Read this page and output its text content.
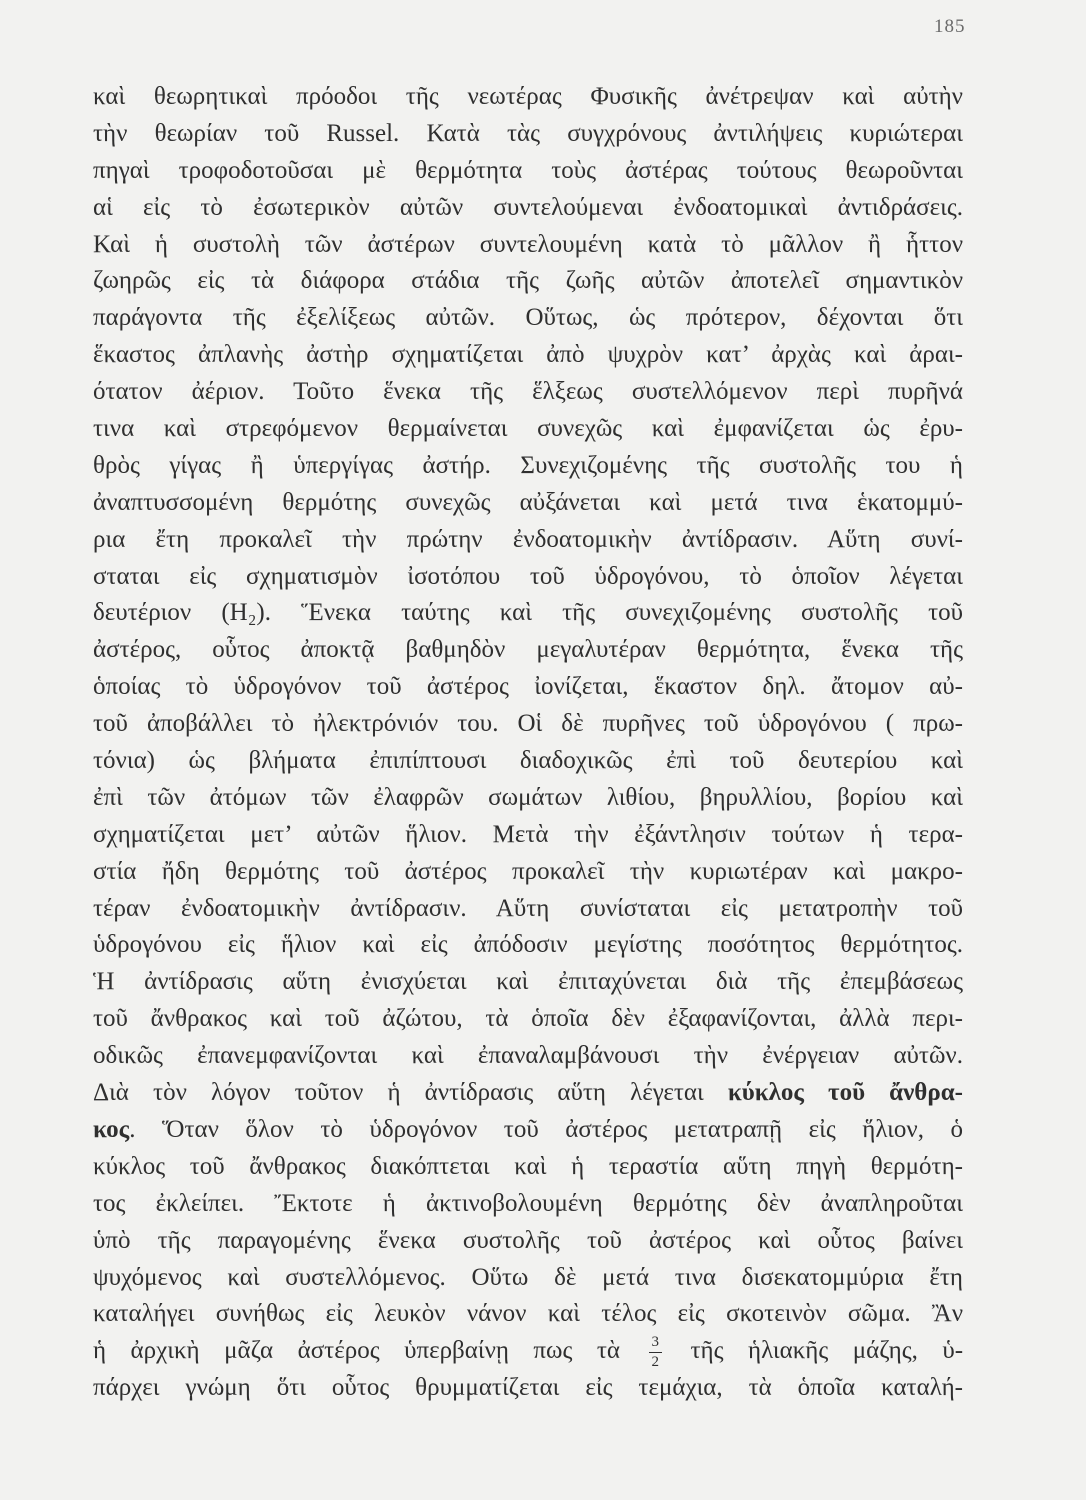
185
καὶ θεωρητικαὶ πρόοδοι τῆς νεωτέρας Φυσικῆς ἀνέτρεψαν καὶ αὐτὴν
τὴν θεωρίαν τοῦ Russel. Κατὰ τὰς συγχρόνους ἀντιλήψεις κυριώτεραι
πηγαὶ τροφοδοτοῦσαι μὲ θερμότητα τοὺς ἀστέρας τούτους θεωροῦνται
αἱ εἰς τὸ ἐσωτερικὸν αὐτῶν συντελούμεναι ἐνδοατομικαὶ ἀντιδράσεις.
Καὶ ἡ συστολὴ τῶν ἀστέρων συντελουμένη κατὰ τὸ μᾶλλον ἢ ἧττον
ζωηρῶς εἰς τὰ διάφορα στάδια τῆς ζωῆς αὐτῶν ἀποτελεῖ σημαντικὸν
παράγοντα τῆς ἐξελίξεως αὐτῶν. Οὕτως, ὡς πρότερον, δέχονται ὅτι
ἕκαστος ἀπλανὴς ἀστὴρ σχηματίζεται ἀπὸ ψυχρὸν κατ’ ἀρχὰς καὶ ἀραι-
ότατον ἀέριον. Τοῦτο ἕνεκα τῆς ἕλξεως συστελλόμενον περὶ πυρῆνά
τινα καὶ στρεφόμενον θερμαίνεται συνεχῶς καὶ ἐμφανίζεται ὡς ἐρυ-
θρὸς γίγας ἢ ὑπεργίγας ἀστήρ. Συνεχιζομένης τῆς συστολῆς του ἡ
ἀναπτυσσομένη θερμότης συνεχῶς αὐξάνεται καὶ μετά τινα ἑκατομμύ-
ρια ἔτη προκαλεῖ τὴν πρώτην ἐνδοατομικὴν ἀντίδρασιν. Αὕτη συνί-
σταται εἰς σχηματισμὸν ἰσοτόπου τοῦ ὑδρογόνου, τὸ ὁποῖον λέγεται
δευτέριον (H₂). Ἕνεκα ταύτης καὶ τῆς συνεχιζομένης συστολῆς τοῦ
ἀστέρος, οὗτος ἀποκτᾷ βαθμηδὸν μεγαλυτέραν θερμότητα, ἕνεκα τῆς
ὁποίας τὸ ὑδρογόνον τοῦ ἀστέρος ἰονίζεται, ἕκαστον δηλ. ἄτομον αὐ-
τοῦ ἀποβάλλει τὸ ἠλεκτρόνιόν του. Οἱ δὲ πυρῆνες τοῦ ὑδρογόνου ( πρω-
τόνια) ὡς βλήματα ἐπιπίπτουσι διαδοχικῶς ἐπὶ τοῦ δευτερίου καὶ
ἐπὶ τῶν ἀτόμων τῶν ἐλαφρῶν σωμάτων λιθίου, βηρυλλίου, βορίου καὶ
σχηματίζεται μετ’ αὐτῶν ἥλιον. Μετὰ τὴν ἐξάντλησιν τούτων ἡ τερα-
στία ἤδη θερμότης τοῦ ἀστέρος προκαλεῖ τὴν κυριωτέραν καὶ μακρο-
τέραν ἐνδοατομικὴν ἀντίδρασιν. Αὕτη συνίσταται εἰς μετατροπὴν τοῦ
ὑδρογόνου εἰς ἥλιον καὶ εἰς ἀπόδοσιν μεγίστης ποσότητος θερμότητος.
Ἡ ἀντίδρασις αὕτη ἐνισχύεται καὶ ἐπιταχύνεται διὰ τῆς ἐπεμβάσεως
τοῦ ἄνθρακος καὶ τοῦ ἀζώτου, τὰ ὁποῖα δὲν ἐξαφανίζονται, ἀλλὰ περι-
οδικῶς ἐπανεμφανίζονται καὶ ἐπαναλαμβάνουσι τὴν ἐνέργειαν αὐτῶν.
Διὰ τὸν λόγον τοῦτον ἡ ἀντίδρασις αὕτη λέγεται κύκλος τοῦ ἄνθρα-
κος. Ὅταν ὅλον τὸ ὑδρογόνον τοῦ ἀστέρος μετατραπῇ εἰς ἥλιον, ὁ
κύκλος τοῦ ἄνθρακος διακόπτεται καὶ ἡ τεραστία αὕτη πηγὴ θερμότη-
τος ἐκλείπει. Ἔκτοτε ἡ ἀκτινοβολουμένη θερμότης δὲν ἀναπληροῦται
ὑπὸ τῆς παραγομένης ἕνεκα συστολῆς τοῦ ἀστέρος καὶ οὗτος βαίνει
ψυχόμενος καὶ συστελλόμενος. Οὕτω δὲ μετά τινα δισεκατομμύρια ἔτη
καταλήγει συνήθως εἰς λευκὸν νάνον καὶ τέλος εἰς σκοτεινὸν σῶμα. Ἂν
ἡ ἀρχικὴ μᾶζα ἀστέρος ὑπερβαίνῃ πως τὰ $\frac{3}{2}$ τῆς ἡλιακῆς μάζης, ὑ-
πάρχει γνώμη ὅτι οὗτος θρυμματίζεται εἰς τεμάχια, τὰ ὁποῖα καταλή-
